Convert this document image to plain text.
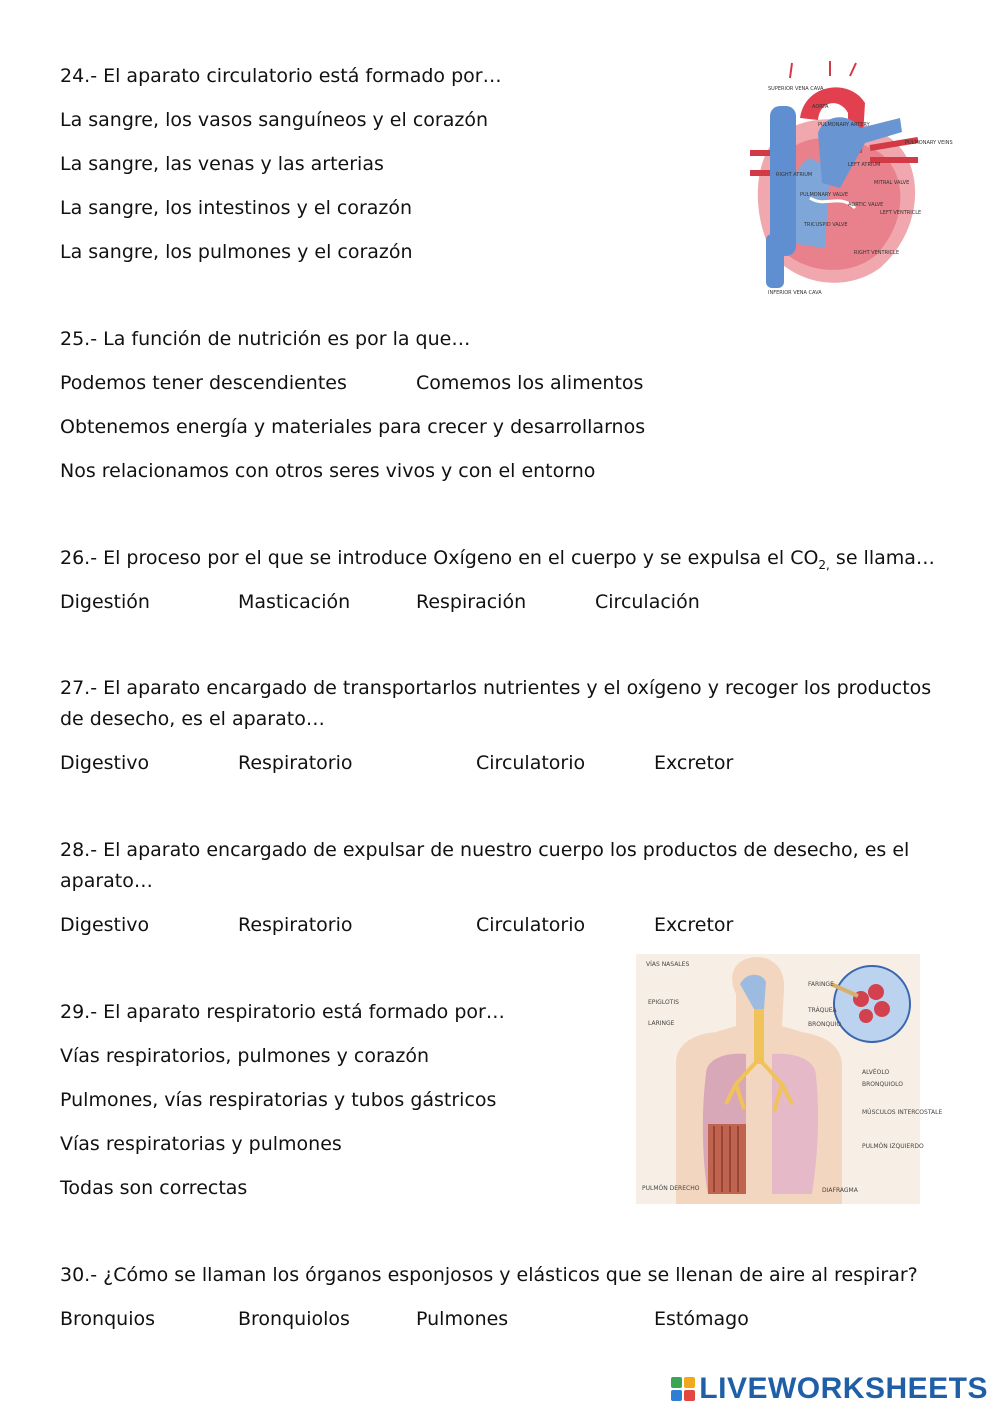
24.- El aparato circulatorio está formado por…
La sangre, los vasos sanguíneos y el corazón
La sangre, las venas y las arterias
La sangre, los intestinos y el corazón
La sangre, los pulmones y el corazón
SUPERIOR VENA CAVA
AORTA
PULMONARY ARTERY
PULMONARY VEINS
RIGHT ATRIUM
LEFT ATRIUM
PULMONARY VALVE
MITRAL VALVE
AORTIC VALVE
TRICUSPID VALVE
LEFT VENTRICLE
RIGHT VENTRICLE
INFERIOR VENA CAVA
25.- La función de nutrición es por la que…
Podemos tener descendientes	Comemos los alimentos
Obtenemos energía y materiales para crecer y desarrollarnos
Nos relacionamos con otros seres vivos y con el entorno
26.- El proceso por el que se introduce Oxígeno en el cuerpo y se expulsa el $CO_{2,}$ se llama…
Digestión	Masticación	Respiración	Circulación
27.- El aparato encargado de transportarlos nutrientes y el oxígeno y recoger los productos de desecho, es el aparato…
Digestivo	Respiratorio	Circulatorio	Excretor
28.- El aparato encargado de expulsar de nuestro cuerpo los productos de desecho, es el aparato…
Digestivo	Respiratorio	Circulatorio	Excretor
29.- El aparato respiratorio está formado por…
Vías respiratorios, pulmones y corazón
Pulmones, vías respiratorias y tubos gástricos
Vías respiratorias y pulmones
Todas son correctas
VÍAS NASALES
FARINGE
EPIGLOTIS
TRÁQUEA
LARINGE	BRONQUIO
ALVÉOLO
BRONQUIOLO
MÚSCULOS INTERCOSTALE
PULMÓN IZQUIERDO
PULMÓN DERECHO	DIAFRAGMA
30.- ¿Cómo se llaman los órganos esponjosos y elásticos que se llenan de aire al respirar?
Bronquios	Bronquiolos	Pulmones	Estómago
LIVEWORKSHEETS
